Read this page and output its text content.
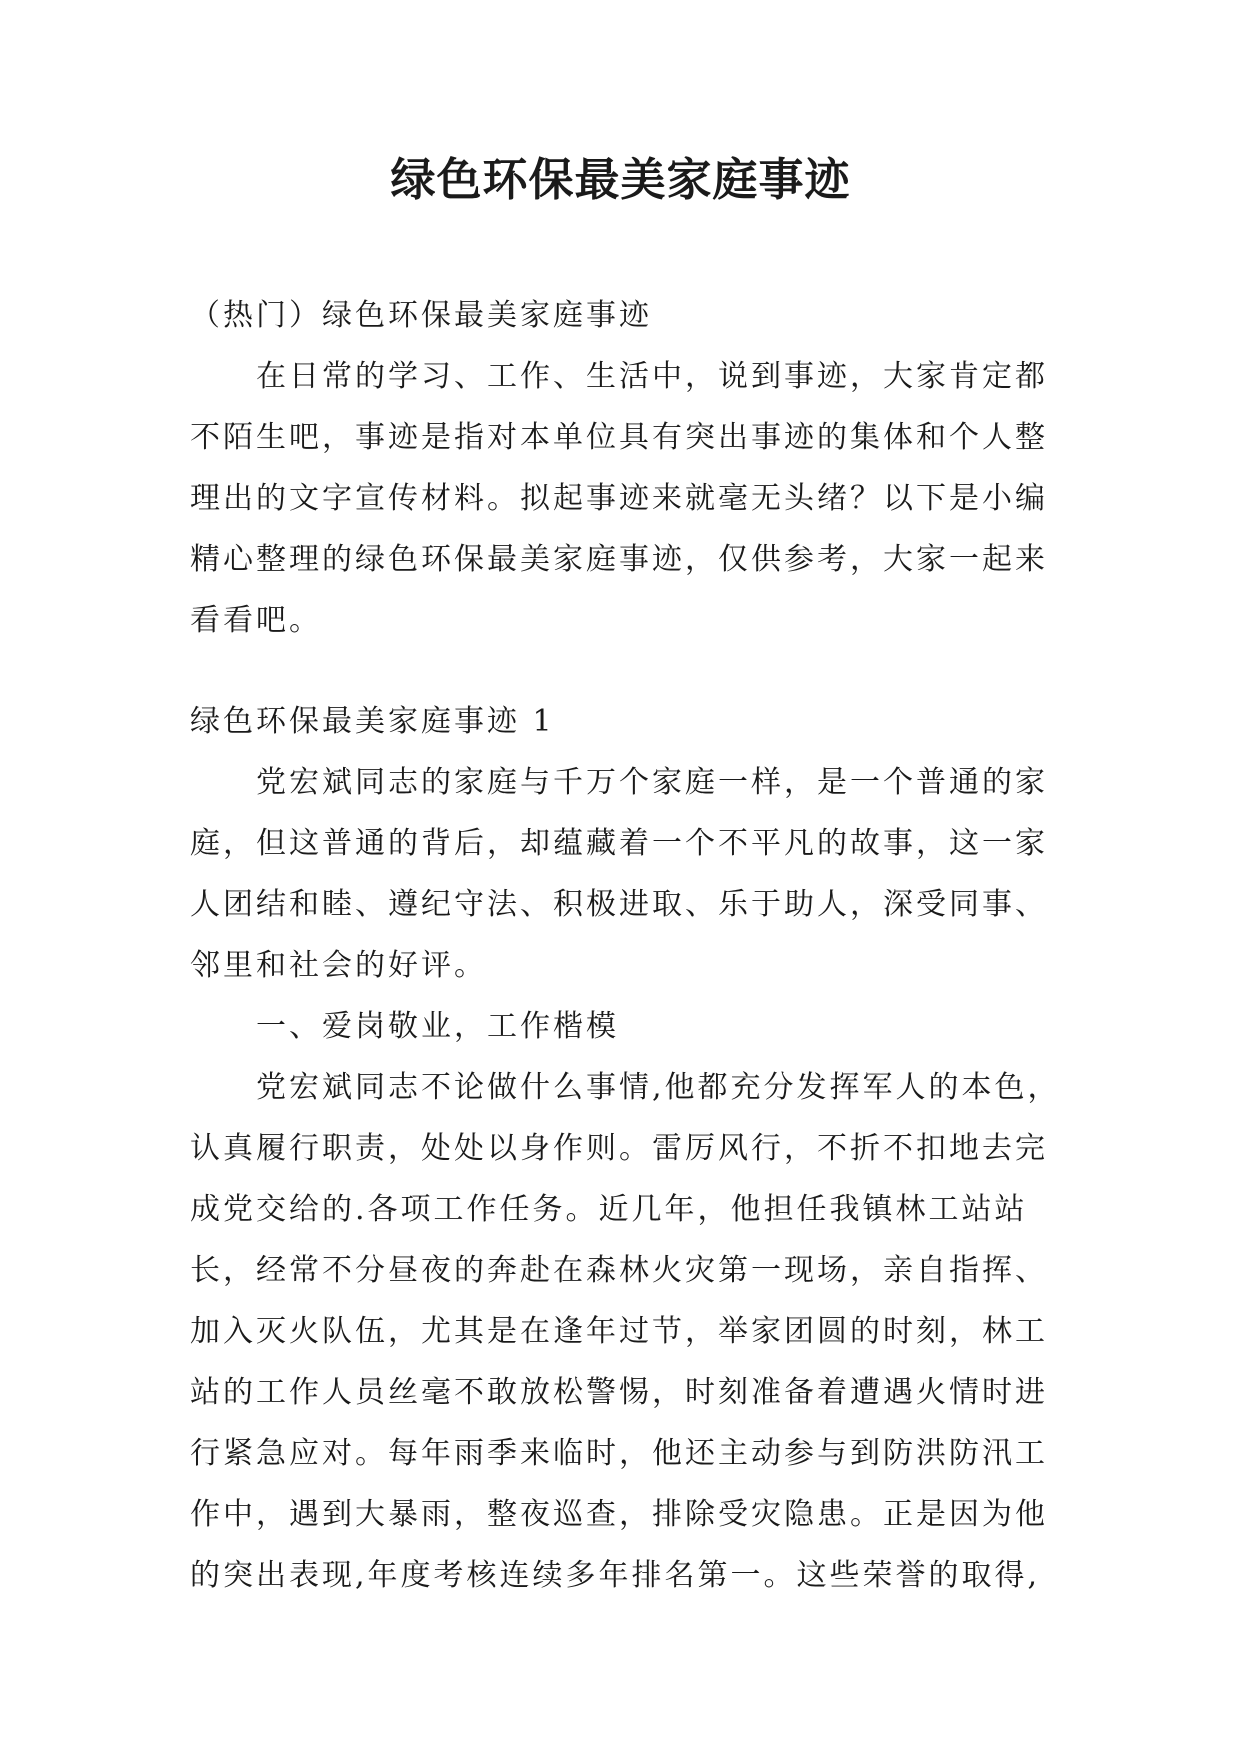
绿色环保最美家庭事迹

（热门）绿色环保最美家庭事迹

在日常的学习、工作、生活中，说到事迹，大家肯定都

不陌生吧，事迹是指对本单位具有突出事迹的集体和个人整

理出的文字宣传材料。拟起事迹来就毫无头绪？以下是小编

精心整理的绿色环保最美家庭事迹，仅供参考，大家一起来

看看吧。

绿色环保最美家庭事迹 1

党宏斌同志的家庭与千万个家庭一样，是一个普通的家

庭，但这普通的背后，却蕴藏着一个不平凡的故事，这一家

人团结和睦、遵纪守法、积极进取、乐于助人，深受同事、

邻里和社会的好评。

一、爱岗敬业，工作楷模

党宏斌同志不论做什么事情,他都充分发挥军人的本色，

认真履行职责，处处以身作则。雷厉风行，不折不扣地去完

成党交给的.各项工作任务。近几年，他担任我镇林工站站

长，经常不分昼夜的奔赴在森林火灾第一现场，亲自指挥、

加入灭火队伍，尤其是在逢年过节，举家团圆的时刻，林工

站的工作人员丝毫不敢放松警惕，时刻准备着遭遇火情时进

行紧急应对。每年雨季来临时，他还主动参与到防洪防汛工

作中，遇到大暴雨，整夜巡查，排除受灾隐患。正是因为他

的突出表现,年度考核连续多年排名第一。这些荣誉的取得,
